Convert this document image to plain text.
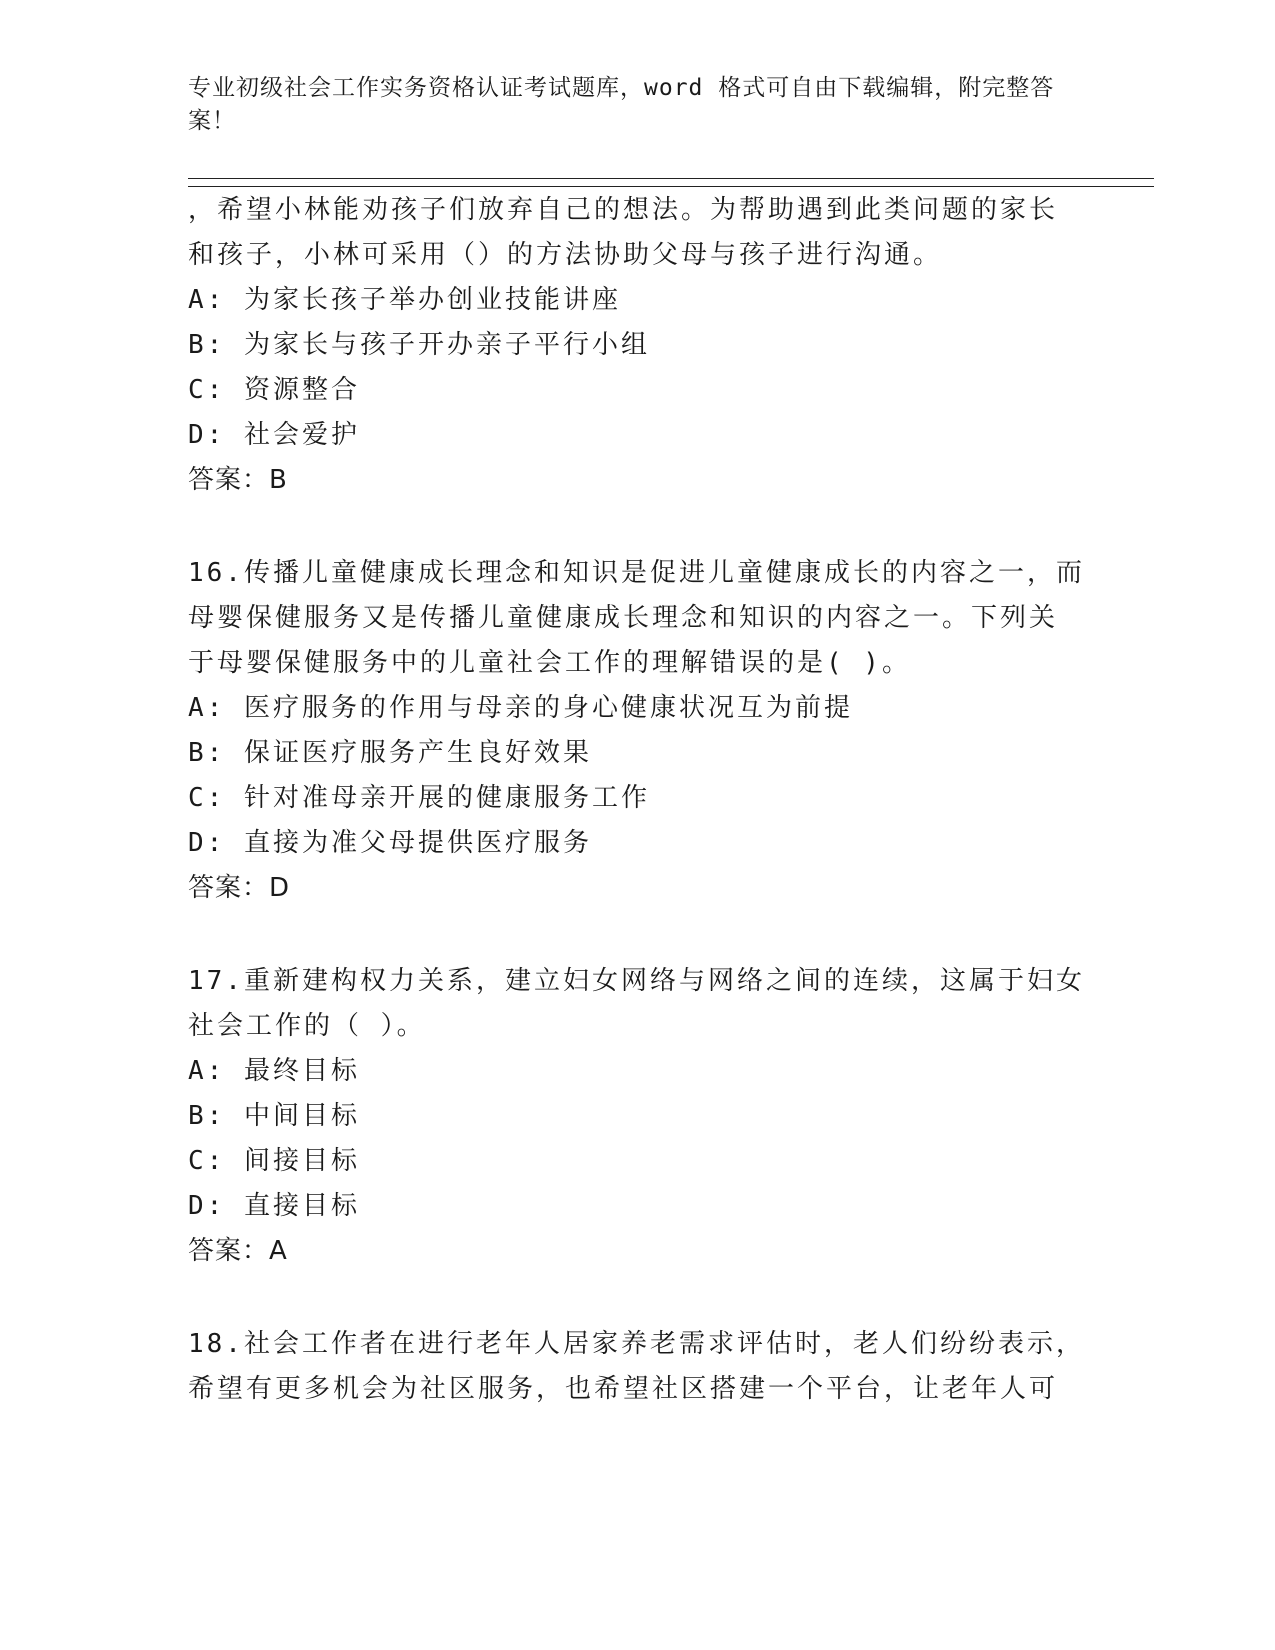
专业初级社会工作实务资格认证考试题库，word 格式可自由下载编辑，附完整答
案！
，希望小林能劝孩子们放弃自己的想法。为帮助遇到此类问题的家长
和孩子，小林可采用（）的方法协助父母与孩子进行沟通。
A: 为家长孩子举办创业技能讲座
B: 为家长与孩子开办亲子平行小组
C: 资源整合
D: 社会爱护
答案：B
16.传播儿童健康成长理念和知识是促进儿童健康成长的内容之一，而
母婴保健服务又是传播儿童健康成长理念和知识的内容之一。下列关
于母婴保健服务中的儿童社会工作的理解错误的是( )。
A: 医疗服务的作用与母亲的身心健康状况互为前提
B: 保证医疗服务产生良好效果
C: 针对准母亲开展的健康服务工作
D: 直接为准父母提供医疗服务
答案：D
17.重新建构权力关系，建立妇女网络与网络之间的连续，这属于妇女
社会工作的（ ）。
A: 最终目标
B: 中间目标
C: 间接目标
D: 直接目标
答案：A
18.社会工作者在进行老年人居家养老需求评估时，老人们纷纷表示，
希望有更多机会为社区服务，也希望社区搭建一个平台，让老年人可
